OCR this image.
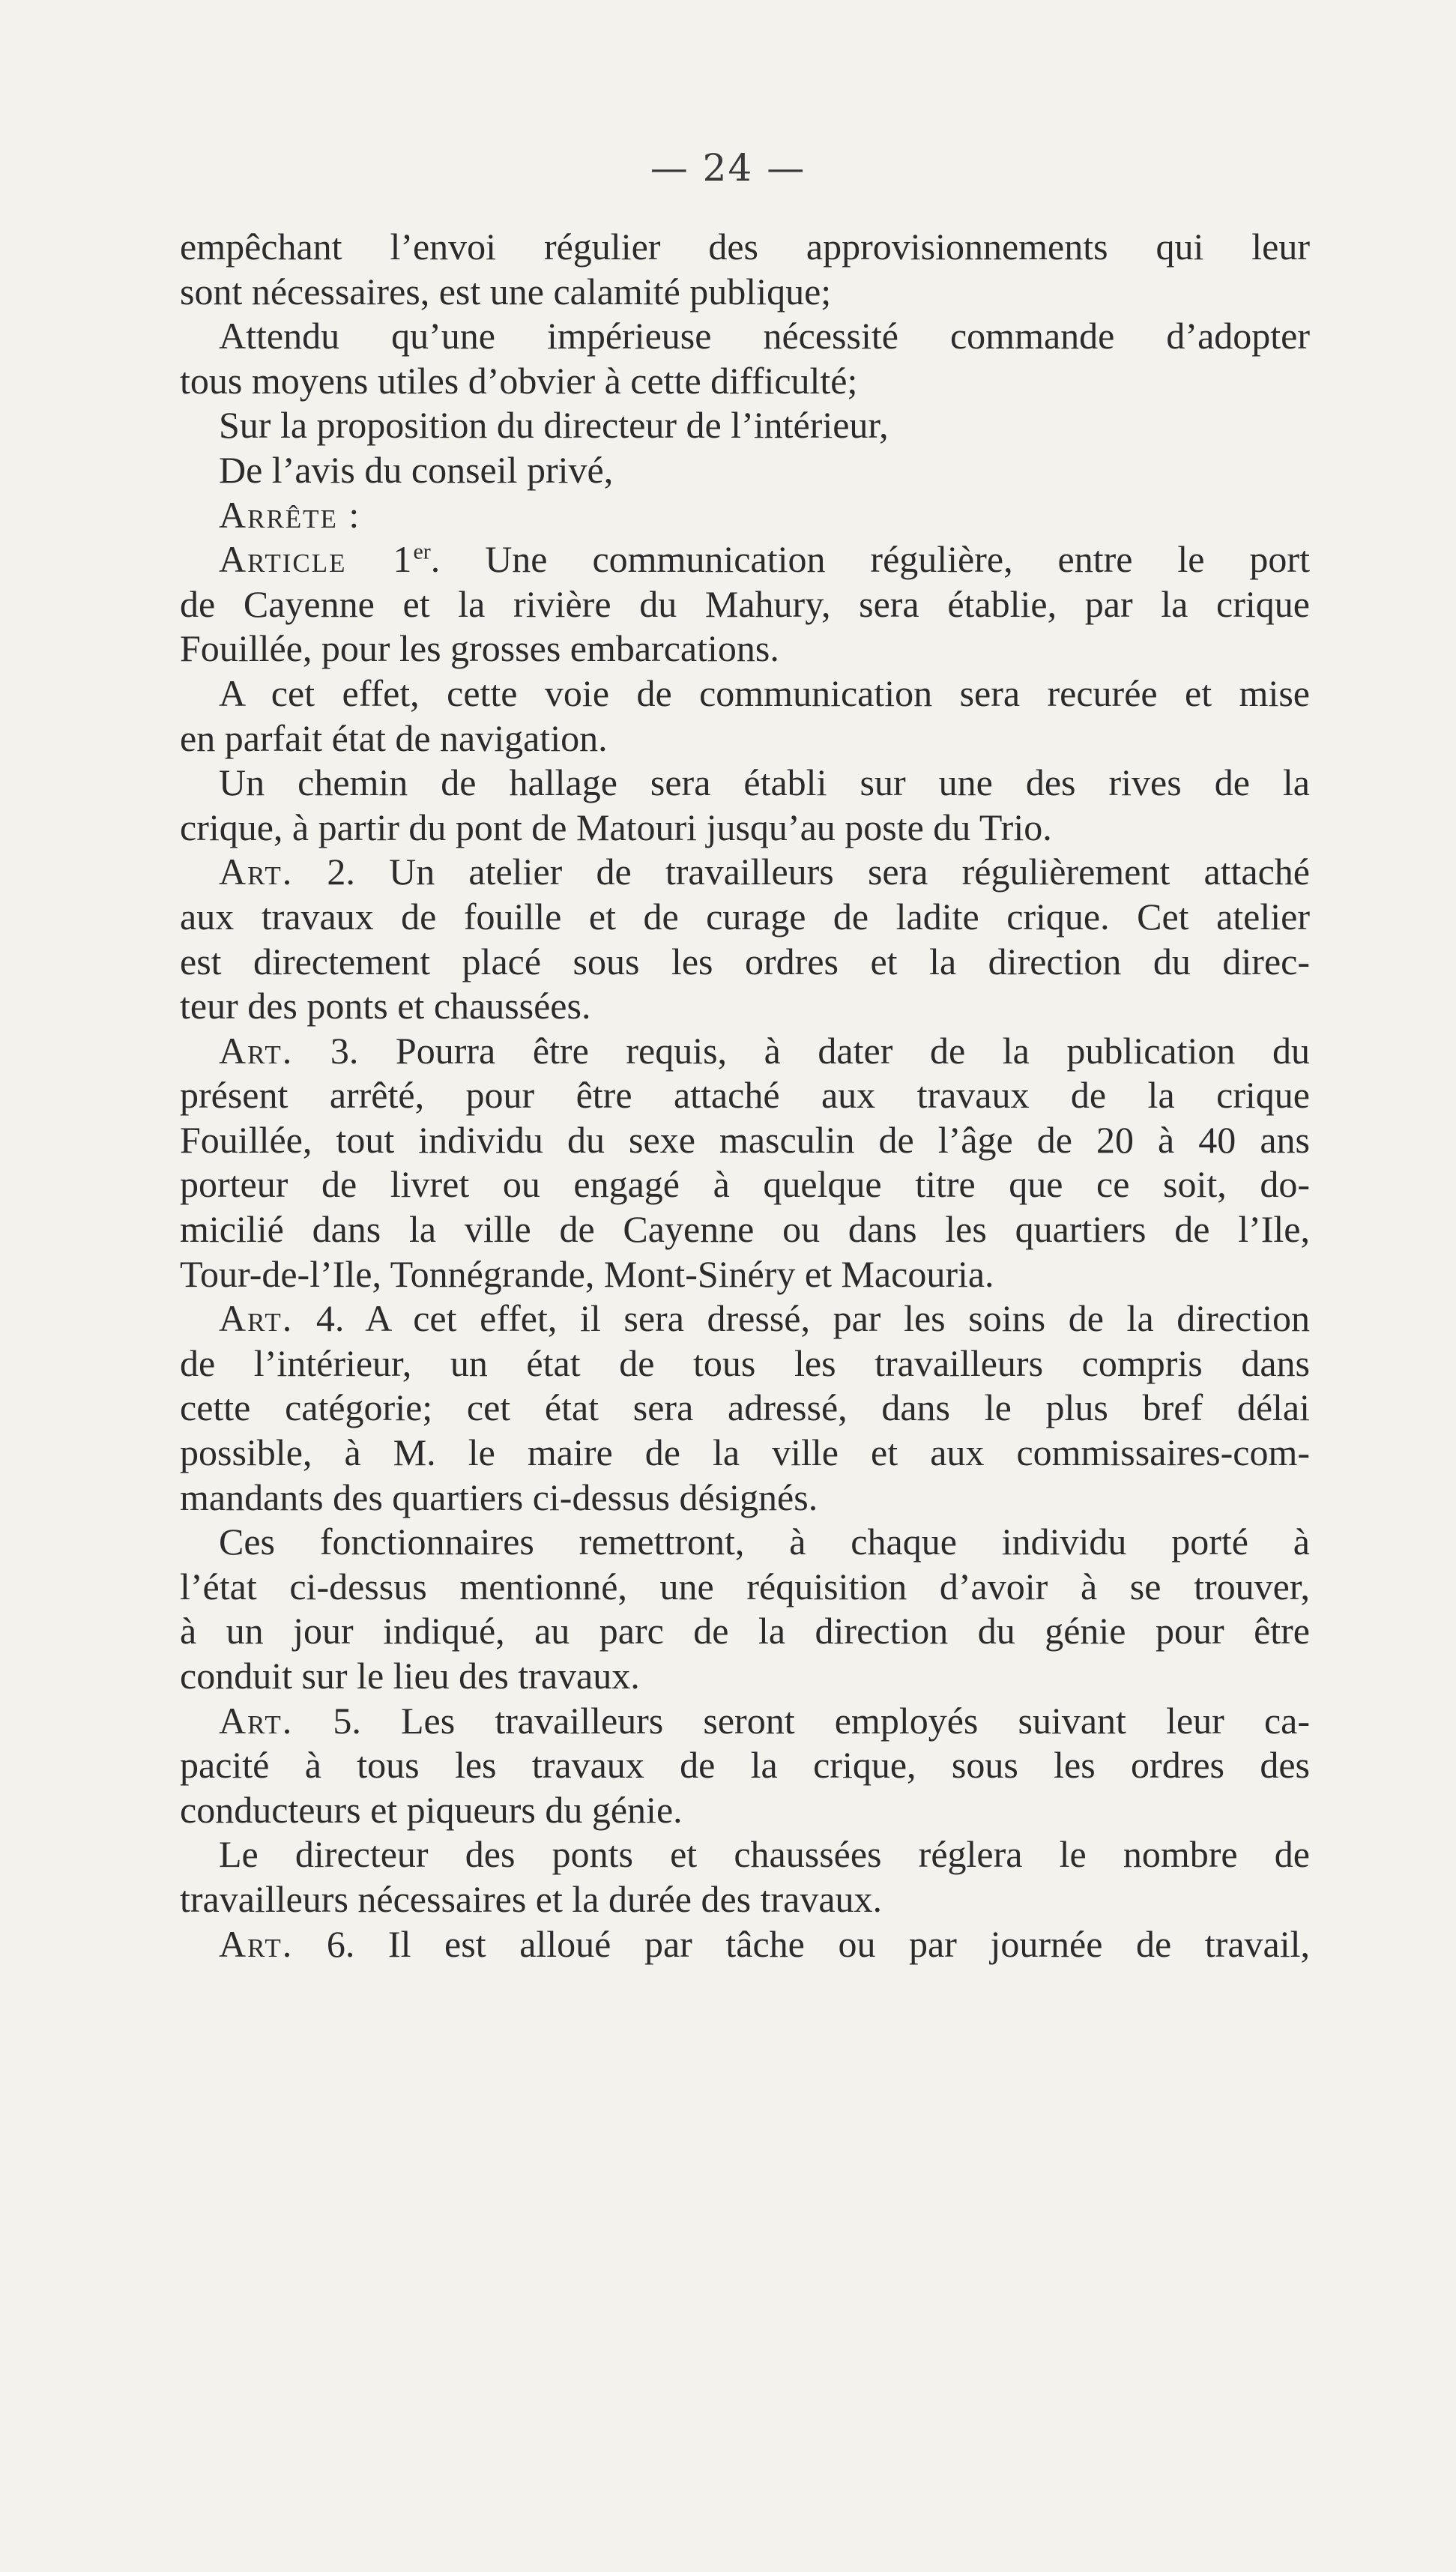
— 24 —
empêchant l’envoi régulier des approvisionnements qui leur
sont nécessaires, est une calamité publique;
Attendu qu’une impérieuse nécessité commande d’adopter
tous moyens utiles d’obvier à cette difficulté;
Sur la proposition du directeur de l’intérieur,
De l’avis du conseil privé,
Arrête :
Article 1er. Une communication régulière, entre le port
de Cayenne et la rivière du Mahury, sera établie, par la crique
Fouillée, pour les grosses embarcations.
A cet effet, cette voie de communication sera recurée et mise
en parfait état de navigation.
Un chemin de hallage sera établi sur une des rives de la
crique, à partir du pont de Matouri jusqu’au poste du Trio.
Art. 2. Un atelier de travailleurs sera régulièrement attaché
aux travaux de fouille et de curage de ladite crique. Cet atelier
est directement placé sous les ordres et la direction du direc-
teur des ponts et chaussées.
Art. 3. Pourra être requis, à dater de la publication du
présent arrêté, pour être attaché aux travaux de la crique
Fouillée, tout individu du sexe masculin de l’âge de 20 à 40 ans
porteur de livret ou engagé à quelque titre que ce soit, do-
micilié dans la ville de Cayenne ou dans les quartiers de l’Ile,
Tour-de-l’Ile, Tonnégrande, Mont-Sinéry et Macouria.
Art. 4. A cet effet, il sera dressé, par les soins de la direction
de l’intérieur, un état de tous les travailleurs compris dans
cette catégorie; cet état sera adressé, dans le plus bref délai
possible, à M. le maire de la ville et aux commissaires-com-
mandants des quartiers ci-dessus désignés.
Ces fonctionnaires remettront, à chaque individu porté à
l’état ci-dessus mentionné, une réquisition d’avoir à se trouver,
à un jour indiqué, au parc de la direction du génie pour être
conduit sur le lieu des travaux.
Art. 5. Les travailleurs seront employés suivant leur ca-
pacité à tous les travaux de la crique, sous les ordres des
conducteurs et piqueurs du génie.
Le directeur des ponts et chaussées réglera le nombre de
travailleurs nécessaires et la durée des travaux.
Art. 6. Il est alloué par tâche ou par journée de travail,
